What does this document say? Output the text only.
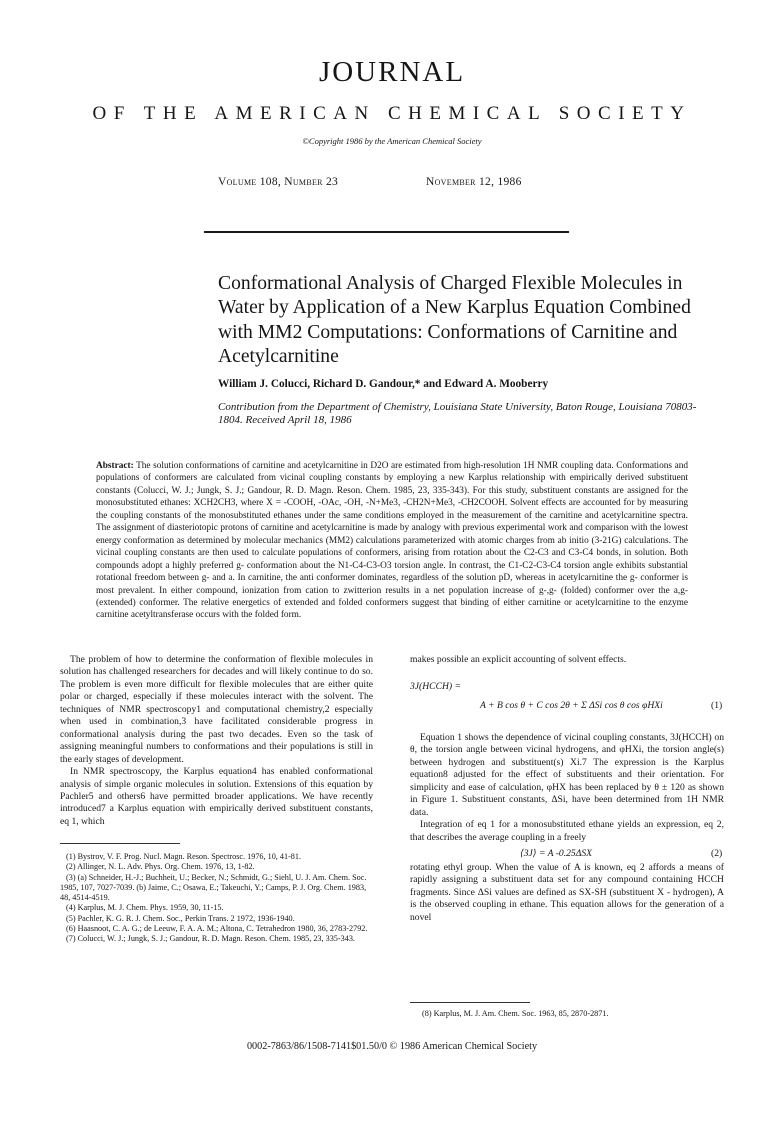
JOURNAL
OF THE AMERICAN CHEMICAL SOCIETY
©Copyright 1986 by the American Chemical Society
Volume 108, Number 23	November 12, 1986
Conformational Analysis of Charged Flexible Molecules in Water by Application of a New Karplus Equation Combined with MM2 Computations: Conformations of Carnitine and Acetylcarnitine
William J. Colucci, Richard D. Gandour,* and Edward A. Mooberry
Contribution from the Department of Chemistry, Louisiana State University, Baton Rouge, Louisiana 70803-1804. Received April 18, 1986
Abstract: The solution conformations of carnitine and acetylcarnitine in D2O are estimated from high-resolution 1H NMR coupling data. Conformations and populations of conformers are calculated from vicinal coupling constants by employing a new Karplus relationship with empirically derived substituent constants (Colucci, W. J.; Jungk, S. J.; Gandour, R. D. Magn. Reson. Chem. 1985, 23, 335-343). For this study, substituent constants are assigned for the monosubstituted ethanes: XCH2CH3, where X = -COOH, -OAc, -OH, -N+Me3, -CH2N+Me3, -CH2COOH. Solvent effects are accounted for by measuring the coupling constants of the monosubstituted ethanes under the same conditions employed in the measurement of the carnitine and acetylcarnitine spectra. The assignment of diasteriotopic protons of carnitine and acetylcarnitine is made by analogy with previous experimental work and comparison with the lowest energy conformation as determined by molecular mechanics (MM2) calculations parameterized with atomic charges from ab initio (3-21G) calculations. The vicinal coupling constants are then used to calculate populations of conformers, arising from rotation about the C2-C3 and C3-C4 bonds, in solution. Both compounds adopt a highly preferred g- conformation about the N1-C4-C3-O3 torsion angle. In contrast, the C1-C2-C3-C4 torsion angle exhibits substantial rotational freedom between g- and a. In carnitine, the anti conformer dominates, regardless of the solution pD, whereas in acetylcarnitine the g- conformer is most prevalent. In either compound, ionization from cation to zwitterion results in a net population increase of g-,g- (folded) conformer over the a,g- (extended) conformer. The relative energetics of extended and folded conformers suggest that binding of either carnitine or acetylcarnitine to the enzyme carnitine acetyltransferase occurs with the folded form.

The problem of how to determine the conformation of flexible molecules in solution has challenged researchers for decades and will likely continue to do so. The problem is even more difficult for flexible molecules that are either quite polar or charged, especially if these molecules interact with the solvent. The techniques of NMR spectroscopy1 and computational chemistry,2 especially when used in combination,3 have facilitated considerable progress in conformational analysis during the past two decades. Even so the task of assigning meaningful numbers to conformations and their populations is still in the early stages of development.

In NMR spectroscopy, the Karplus equation4 has enabled conformational analysis of simple organic molecules in solution. Extensions of this equation by Pachler5 and others6 have permitted broader applications. We have recently introduced7 a Karplus equation with empirically derived substituent constants, eq 1, which

makes possible an explicit accounting of solvent effects.

3J(HCCH) =
A + B cos θ + C cos 2θ + Σ ΔSi cos θ cos φHXi	(1)

Equation 1 shows the dependence of vicinal coupling constants, 3J(HCCH) on θ, the torsion angle between vicinal hydrogens, and φHXi, the torsion angle(s) between hydrogen and substituent(s) Xi.7 The expression is the Karplus equation8 adjusted for the effect of substituents and their orientation. For simplicity and ease of calculation, φHX has been replaced by θ ± 120 as shown in Figure 1. Substituent constants, ΔSi, have been determined from 1H NMR data.

Integration of eq 1 for a monosubstituted ethane yields an expression, eq 2, that describes the average coupling in a freely

⟨3J⟩ = A -0.25ΔSX	(2)

rotating ethyl group. When the value of A is known, eq 2 affords a means of rapidly assigning a substituent data set for any compound containing HCCH fragments. Since ΔSi values are defined as SX-SH (substituent X - hydrogen), A is the observed coupling in ethane. This equation allows for the generation of a novel

(1) Bystrov, V. F. Prog. Nucl. Magn. Reson. Spectrosc. 1976, 10, 41-81.
(2) Allinger, N. L. Adv. Phys. Org. Chem. 1976, 13, 1-82.
(3) (a) Schneider, H.-J.; Buchheit, U.; Becker, N.; Schmidt, G.; Siehl, U. J. Am. Chem. Soc. 1985, 107, 7027-7039. (b) Jaime, C.; Osawa, E.; Takeuchi, Y.; Camps, P. J. Org. Chem. 1983, 48, 4514-4519.
(4) Karplus, M. J. Chem. Phys. 1959, 30, 11-15.
(5) Pachler, K. G. R. J. Chem. Soc., Perkin Trans. 2 1972, 1936-1940.
(6) Haasnoot, C. A. G.; de Leeuw, F. A. A. M.; Altona, C. Tetrahedron 1980, 36, 2783-2792.
(7) Colucci, W. J.; Jungk, S. J.; Gandour, R. D. Magn. Reson. Chem. 1985, 23, 335-343.
(8) Karplus, M. J. Am. Chem. Soc. 1963, 85, 2870-2871.
0002-7863/86/1508-7141$01.50/0 © 1986 American Chemical Society
